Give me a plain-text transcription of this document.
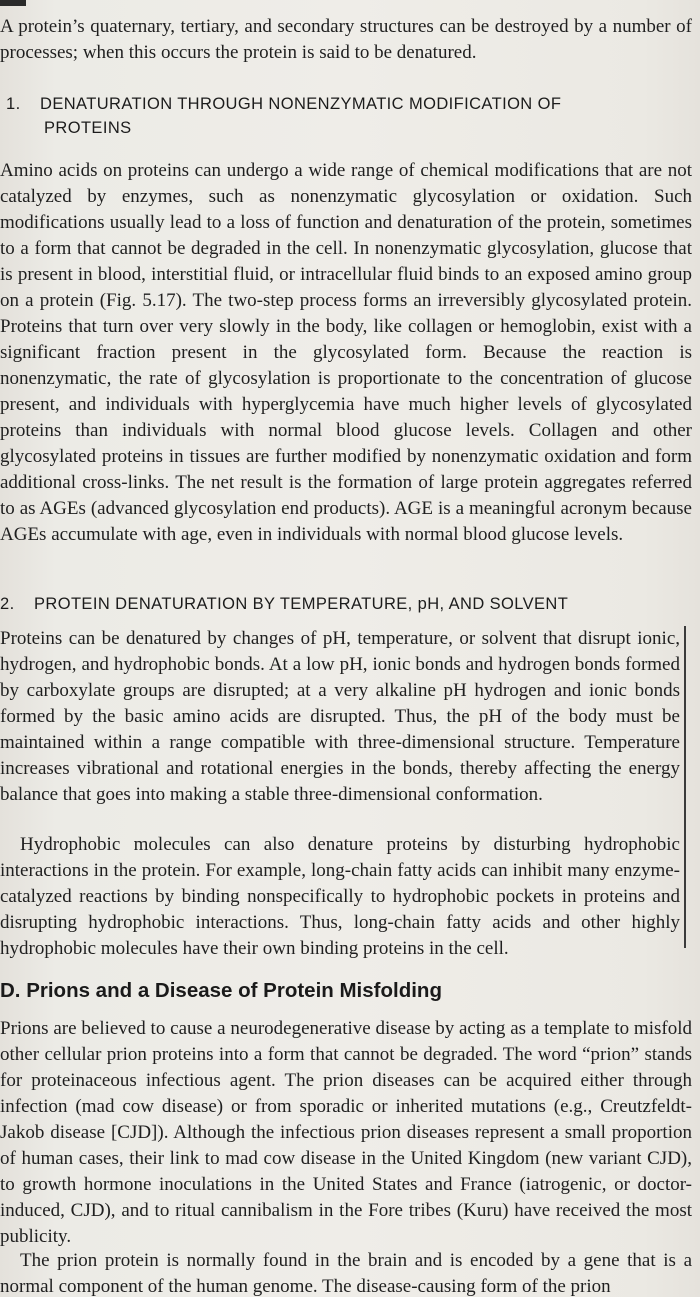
A protein’s quaternary, tertiary, and secondary structures can be destroyed by a number of processes; when this occurs the protein is said to be denatured.

1. DENATURATION THROUGH NONENZYMATIC MODIFICATION OF
PROTEINS

Amino acids on proteins can undergo a wide range of chemical modifications that are not catalyzed by enzymes, such as nonenzymatic glycosylation or oxidation. Such modifications usually lead to a loss of function and denaturation of the protein, sometimes to a form that cannot be degraded in the cell. In nonenzymatic glycosylation, glucose that is present in blood, interstitial fluid, or intracellular fluid binds to an exposed amino group on a protein (Fig. 5.17). The two-step process forms an irreversibly glycosylated protein. Proteins that turn over very slowly in the body, like collagen or hemoglobin, exist with a significant fraction present in the glycosylated form. Because the reaction is nonenzymatic, the rate of glycosylation is proportionate to the concentration of glucose present, and individuals with hyperglycemia have much higher levels of glycosylated proteins than individuals with normal blood glucose levels. Collagen and other glycosylated proteins in tissues are further modified by nonenzymatic oxidation and form additional cross-links. The net result is the formation of large protein aggregates referred to as AGEs (advanced glycosylation end products). AGE is a meaningful acronym because AGEs accumulate with age, even in individuals with normal blood glucose levels.

2. PROTEIN DENATURATION BY TEMPERATURE, pH, AND SOLVENT

Proteins can be denatured by changes of pH, temperature, or solvent that disrupt ionic, hydrogen, and hydrophobic bonds. At a low pH, ionic bonds and hydrogen bonds formed by carboxylate groups are disrupted; at a very alkaline pH hydrogen and ionic bonds formed by the basic amino acids are disrupted. Thus, the pH of the body must be maintained within a range compatible with three-dimensional structure. Temperature increases vibrational and rotational energies in the bonds, thereby affecting the energy balance that goes into making a stable three-dimensional conformation.

Hydrophobic molecules can also denature proteins by disturbing hydrophobic interactions in the protein. For example, long-chain fatty acids can inhibit many enzyme-catalyzed reactions by binding nonspecifically to hydrophobic pockets in proteins and disrupting hydrophobic interactions. Thus, long-chain fatty acids and other highly hydrophobic molecules have their own binding proteins in the cell.

D. Prions and a Disease of Protein Misfolding

Prions are believed to cause a neurodegenerative disease by acting as a template to misfold other cellular prion proteins into a form that cannot be degraded. The word “prion” stands for proteinaceous infectious agent. The prion diseases can be acquired either through infection (mad cow disease) or from sporadic or inherited mutations (e.g., Creutzfeldt-Jakob disease [CJD]). Although the infectious prion diseases represent a small proportion of human cases, their link to mad cow disease in the United Kingdom (new variant CJD), to growth hormone inoculations in the United States and France (iatrogenic, or doctor-induced, CJD), and to ritual cannibalism in the Fore tribes (Kuru) have received the most publicity.

The prion protein is normally found in the brain and is encoded by a gene that is a normal component of the human genome. The disease-causing form of the prion
